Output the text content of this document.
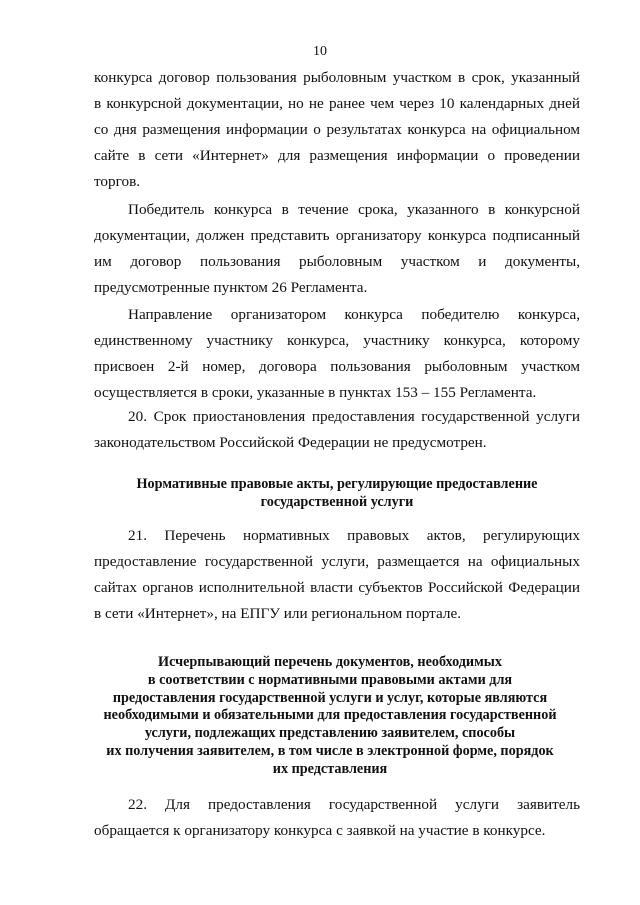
10

конкурса договор пользования рыболовным участком в срок, указанный
в конкурсной документации, но не ранее чем через 10 календарных дней
со дня размещения информации о результатах конкурса на официальном
сайте в сети «Интернет» для размещения информации о проведении
торгов.

Победитель конкурса в течение срока, указанного в конкурсной
документации, должен представить организатору конкурса подписанный
им договор пользования рыболовным участком и документы,
предусмотренные пунктом 26 Регламента.

Направление организатором конкурса победителю конкурса,
единственному участнику конкурса, участнику конкурса, которому
присвоен 2-й номер, договора пользования рыболовным участком
осуществляется в сроки, указанные в пунктах 153 – 155 Регламента.

20. Срок приостановления предоставления государственной услуги
законодательством Российской Федерации не предусмотрен.

Нормативные правовые акты, регулирующие предоставление
государственной услуги

21. Перечень нормативных правовых актов, регулирующих
предоставление государственной услуги, размещается на официальных
сайтах органов исполнительной власти субъектов Российской Федерации
в сети «Интернет», на ЕПГУ или региональном портале.

Исчерпывающий перечень документов, необходимых
в соответствии с нормативными правовыми актами для
предоставления государственной услуги и услуг, которые являются
необходимыми и обязательными для предоставления государственной
услуги, подлежащих представлению заявителем, способы
их получения заявителем, в том числе в электронной форме, порядок
их представления

22. Для предоставления государственной услуги заявитель
обращается к организатору конкурса с заявкой на участие в конкурсе.
